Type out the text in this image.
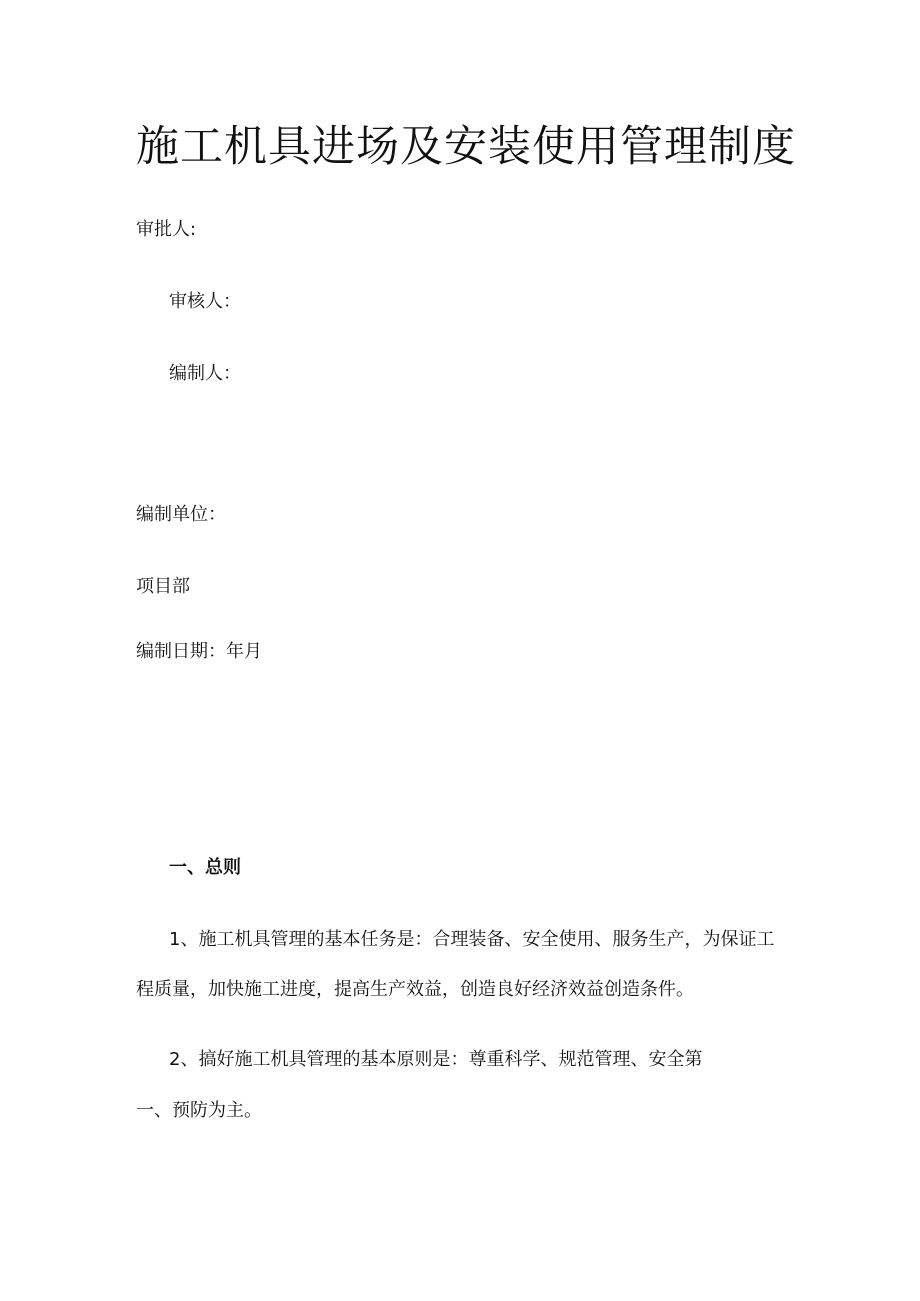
施工机具进场及安装使用管理制度
审批人:
审核人：
编制人：
编制单位：
项目部
编制日期：年月
一、总则
1、施工机具管理的基本任务是：合理装备、安全使用、服务生产，为保证工
程质量，加快施工进度，提高生产效益，创造良好经济效益创造条件。
2、搞好施工机具管理的基本原则是：尊重科学、规范管理、安全第
一、预防为主。
